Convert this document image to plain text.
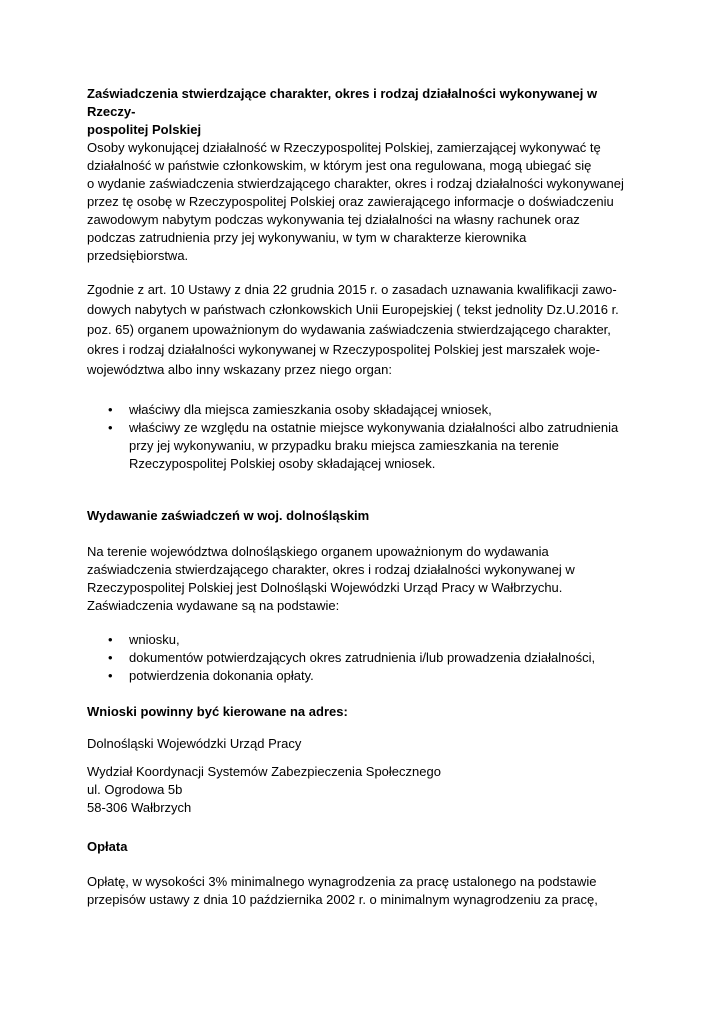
Zaświadczenia stwierdzające charakter, okres i rodzaj działalności wykonywanej w Rzeczy-
pospolitej Polskiej
Osoby wykonującej działalność w Rzeczypospolitej Polskiej, zamierzającej wykonywać tę
działalność w państwie członkowskim, w którym jest ona regulowana, mogą ubiegać się
o wydanie zaświadczenia stwierdzającego charakter, okres i rodzaj działalności wykonywanej
przez tę osobę w Rzeczypospolitej Polskiej oraz zawierającego informacje o doświadczeniu
zawodowym nabytym podczas wykonywania tej działalności na własny rachunek oraz
podczas zatrudnienia przy jej wykonywaniu, w tym w charakterze kierownika
przedsiębiorstwa.
Zgodnie z art. 10 Ustawy z dnia 22 grudnia 2015 r. o zasadach uznawania kwalifikacji zawo-
dowych nabytych w państwach członkowskich Unii Europejskiej ( tekst jednolity Dz.U.2016 r.
poz. 65) organem upoważnionym do wydawania zaświadczenia stwierdzającego charakter,
okres i rodzaj działalności wykonywanej w Rzeczypospolitej Polskiej jest marszałek woje-
województwa albo inny wskazany przez niego organ:
• właściwy dla miejsca zamieszkania osoby składającej wniosek,
• właściwy ze względu na ostatnie miejsce wykonywania działalności albo zatrudnienia
przy jej wykonywaniu, w przypadku braku miejsca zamieszkania na terenie
Rzeczypospolitej Polskiej osoby składającej wniosek.
Wydawanie zaświadczeń w woj. dolnośląskim
Na terenie województwa dolnośląskiego organem upoważnionym do wydawania
zaświadczenia stwierdzającego charakter, okres i rodzaj działalności wykonywanej w
Rzeczypospolitej Polskiej jest Dolnośląski Wojewódzki Urząd Pracy w Wałbrzychu.
Zaświadczenia wydawane są na podstawie:
• wniosku,
• dokumentów potwierdzających okres zatrudnienia i/lub prowadzenia działalności,
• potwierdzenia dokonania opłaty.
Wnioski powinny być kierowane na adres:
Dolnośląski Wojewódzki Urząd Pracy
Wydział Koordynacji Systemów Zabezpieczenia Społecznego
ul. Ogrodowa 5b
58-306 Wałbrzych
Opłata
Opłatę, w wysokości 3% minimalnego wynagrodzenia za pracę ustalonego na podstawie
przepisów ustawy z dnia 10 października 2002 r. o minimalnym wynagrodzeniu za pracę,
